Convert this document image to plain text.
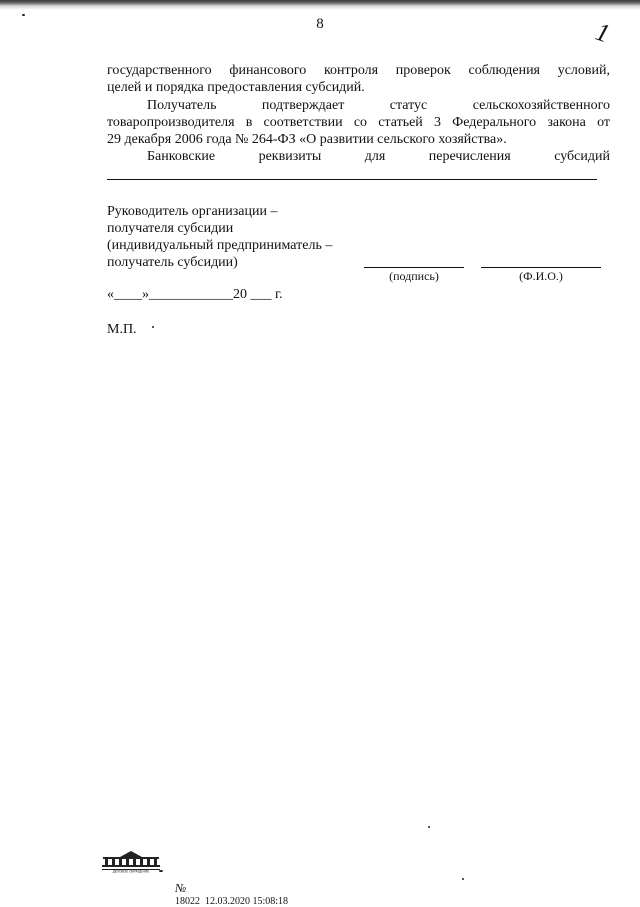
8	1
государственного финансового контроля проверок соблюдения условий,
целей и порядка предоставления субсидий.
Получатель подтверждает статус сельскохозяйственного
товаропроизводителя в соответствии со статьей 3 Федерального закона от
29 декабря 2006 года № 264-ФЗ «О развитии сельского хозяйства».
Банковские реквизиты для перечисления субсидий
Руководитель организации –
получателя субсидии
(индивидуальный предприниматель –
получатель субсидии)
(подпись)	(Ф.И.О.)
«____»____________20 ___ г.
М.П.
ДЕЛОВОЕ ОБРАЩЕНИЕ

№
18022  12.03.2020 15:08:18
